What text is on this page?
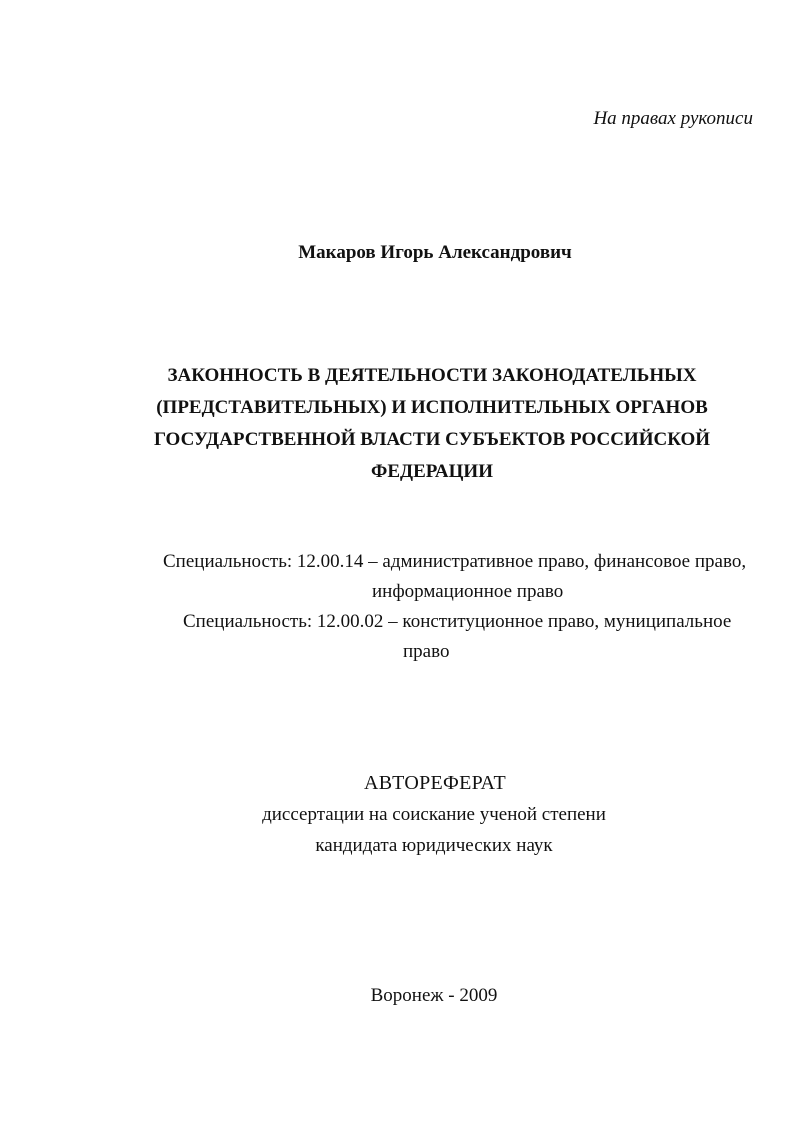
На правах рукописи

Макаров Игорь Александрович

ЗАКОННОСТЬ В ДЕЯТЕЛЬНОСТИ ЗАКОНОДАТЕЛЬНЫХ
(ПРЕДСТАВИТЕЛЬНЫХ) И ИСПОЛНИТЕЛЬНЫХ ОРГАНОВ
ГОСУДАРСТВЕННОЙ ВЛАСТИ СУБЪЕКТОВ РОССИЙСКОЙ
ФЕДЕРАЦИИ

Специальность: 12.00.14 – административное право, финансовое право,

информационное право

Специальность: 12.00.02 – конституционное право, муниципальное

право

АВТОРЕФЕРАТ

диссертации на соискание ученой степени

кандидата юридических наук

Воронеж - 2009
